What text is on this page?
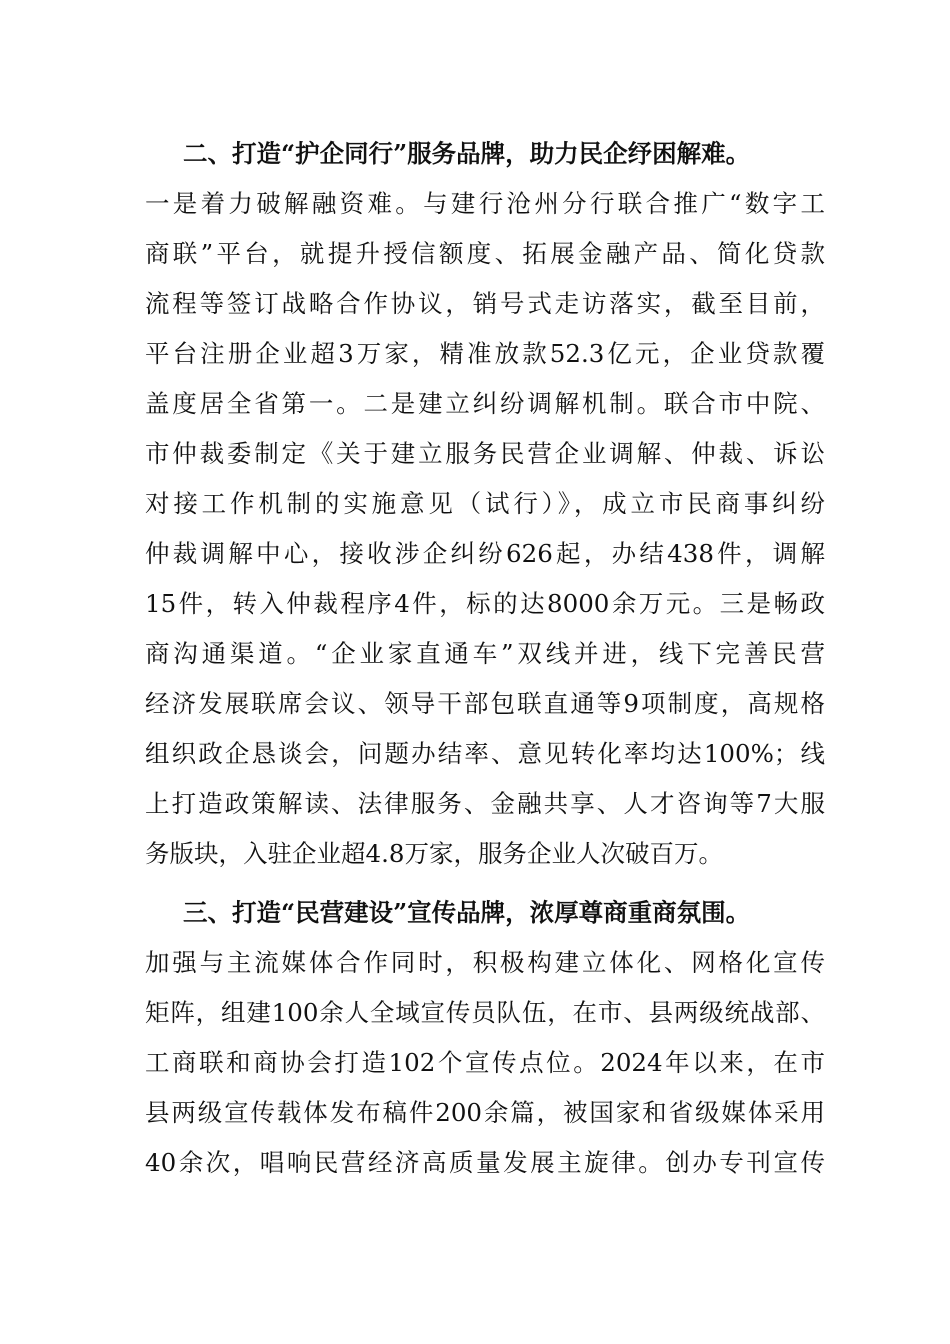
二、打造“护企同行”服务品牌，助力民企纾困解难。
一是着力破解融资难。与建行沧州分行联合推广“数字工
商联”平台，就提升授信额度、拓展金融产品、简化贷款
流程等签订战略合作协议，销号式走访落实，截至目前，
平台注册企业超3万家，精准放款52.3亿元，企业贷款覆
盖度居全省第一。二是建立纠纷调解机制。联合市中院、
市仲裁委制定《关于建立服务民营企业调解、仲裁、诉讼
对接工作机制的实施意见（试行）》，成立市民商事纠纷
仲裁调解中心，接收涉企纠纷626起，办结438件，调解
15件，转入仲裁程序4件，标的达8000余万元。三是畅政
商沟通渠道。“企业家直通车”双线并进，线下完善民营
经济发展联席会议、领导干部包联直通等9项制度，高规格
组织政企恳谈会，问题办结率、意见转化率均达100%；线
上打造政策解读、法律服务、金融共享、人才咨询等7大服
务版块，入驻企业超4.8万家，服务企业人次破百万。
三、打造“民营建设”宣传品牌，浓厚尊商重商氛围。
加强与主流媒体合作同时，积极构建立体化、网格化宣传
矩阵，组建100余人全域宣传员队伍，在市、县两级统战部、
工商联和商协会打造102个宣传点位。2024年以来，在市
县两级宣传载体发布稿件200余篇，被国家和省级媒体采用
40余次，唱响民营经济高质量发展主旋律。创办专刊宣传
